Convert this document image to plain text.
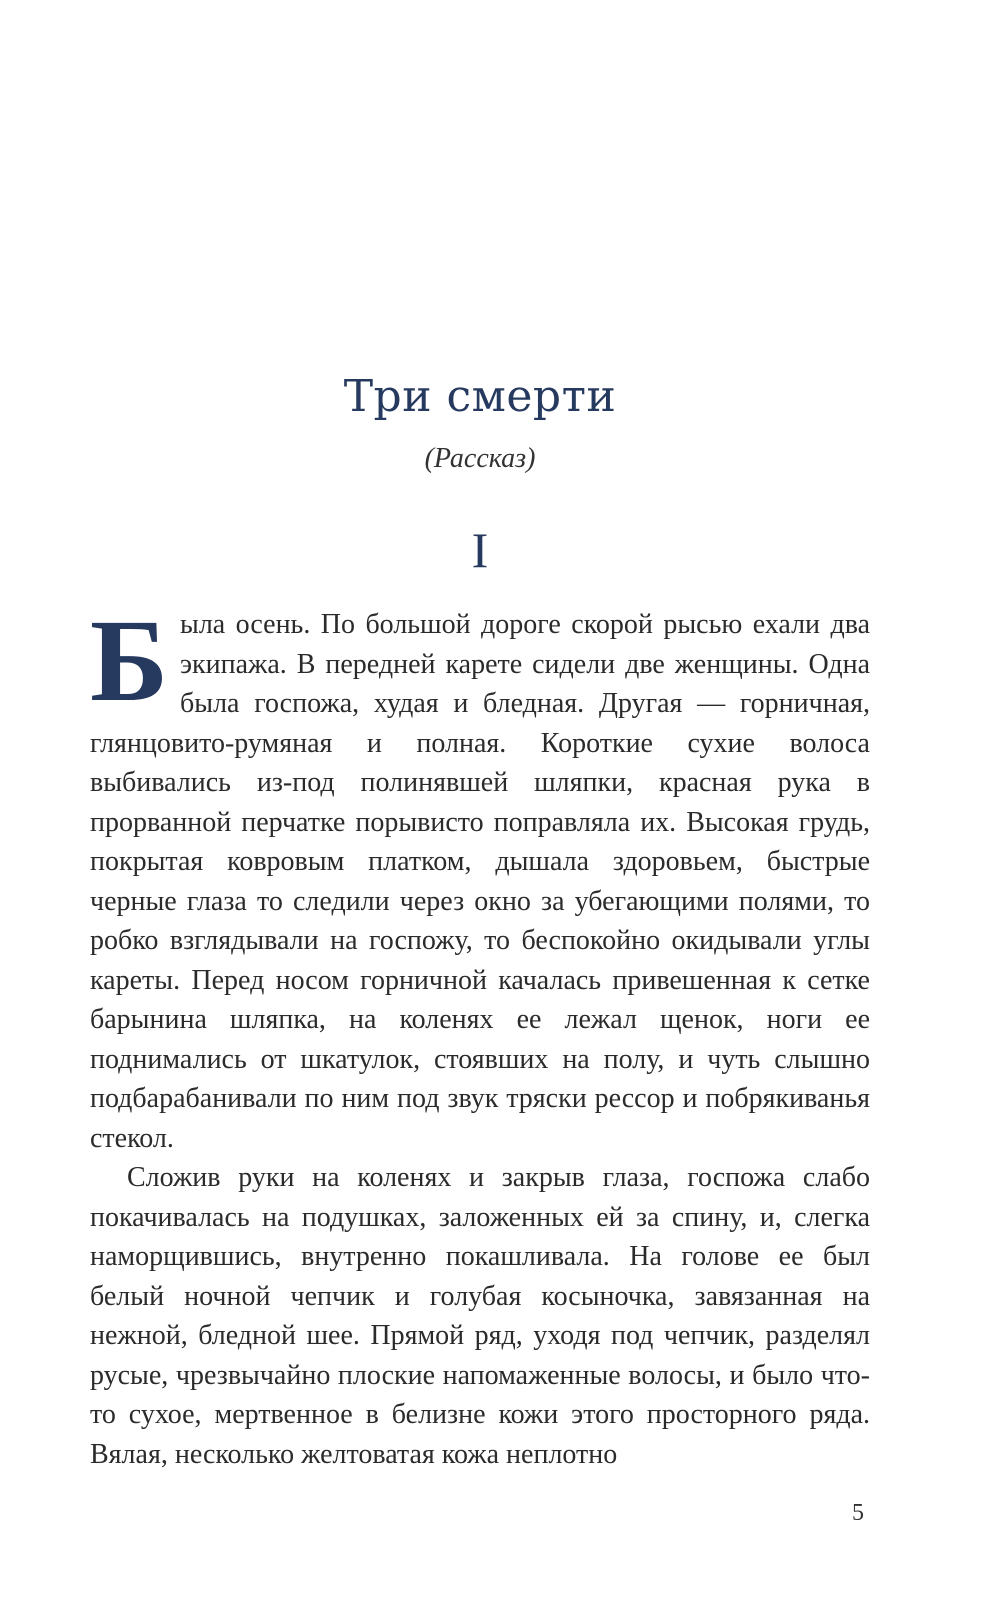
Три смерти
(Рассказ)
I

Была осень. По большой дороге скорой рысью ехали два экипажа. В передней карете сидели две женщины. Одна была госпожа, худая и бледная. Другая — горничная, глянцовито-румяная и полная. Короткие сухие волоса выбивались из-под полинявшей шляпки, красная рука в прорванной перчатке порывисто поправляла их. Высокая грудь, покрытая ковровым платком, дышала здоровьем, быстрые черные глаза то следили через окно за убегающими полями, то робко взглядывали на госпожу, то беспокойно окидывали углы кареты. Перед носом горничной качалась привешенная к сетке барынина шляпка, на коленях ее лежал щенок, ноги ее поднимались от шкатулок, стоявших на полу, и чуть слышно подбарабанивали по ним под звук тряски рессор и побрякиванья стекол.

Сложив руки на коленях и закрыв глаза, госпожа слабо покачивалась на подушках, заложенных ей за спину, и, слегка наморщившись, внутренно покашливала. На голове ее был белый ночной чепчик и голубая косыночка, завязанная на нежной, бледной шее. Прямой ряд, уходя под чепчик, разделял русые, чрезвычайно плоские напомаженные волосы, и было что-то сухое, мертвенное в белизне кожи этого просторного ряда. Вялая, несколько желтоватая кожа неплотно

5
